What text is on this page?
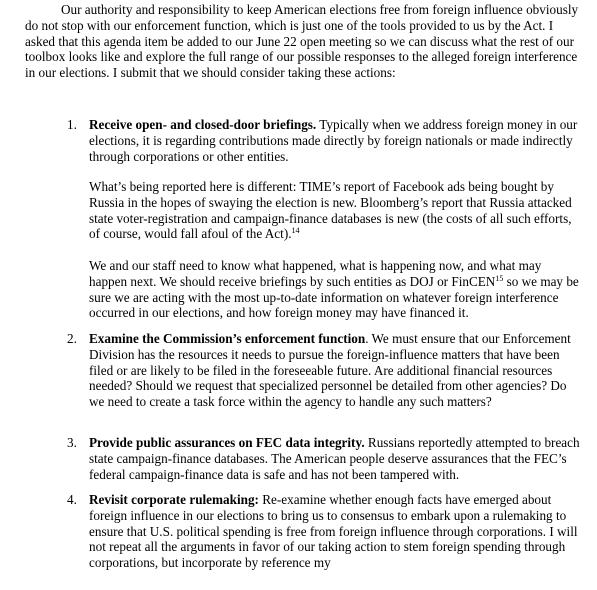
Our authority and responsibility to keep American elections free from foreign influence obviously do not stop with our enforcement function, which is just one of the tools provided to us by the Act. I asked that this agenda item be added to our June 22 open meeting so we can discuss what the rest of our toolbox looks like and explore the full range of our possible responses to the alleged foreign interference in our elections. I submit that we should consider taking these actions:

1. Receive open- and closed-door briefings. Typically when we address foreign money in our elections, it is regarding contributions made directly by foreign nationals or made indirectly through corporations or other entities.

What’s being reported here is different: TIME’s report of Facebook ads being bought by Russia in the hopes of swaying the election is new. Bloomberg’s report that Russia attacked state voter-registration and campaign-finance databases is new (the costs of all such efforts, of course, would fall afoul of the Act).$^{14}$

We and our staff need to know what happened, what is happening now, and what may happen next. We should receive briefings by such entities as DOJ or FinCEN$^{15}$ so we may be sure we are acting with the most up-to-date information on whatever foreign interference occurred in our elections, and how foreign money may have financed it.

2. Examine the Commission’s enforcement function. We must ensure that our Enforcement Division has the resources it needs to pursue the foreign-influence matters that have been filed or are likely to be filed in the foreseeable future. Are additional financial resources needed? Should we request that specialized personnel be detailed from other agencies? Do we need to create a task force within the agency to handle any such matters?

3. Provide public assurances on FEC data integrity. Russians reportedly attempted to breach state campaign-finance databases. The American people deserve assurances that the FEC’s federal campaign-finance data is safe and has not been tampered with.

4. Revisit corporate rulemaking: Re-examine whether enough facts have emerged about foreign influence in our elections to bring us to consensus to embark upon a rulemaking to ensure that U.S. political spending is free from foreign influence through corporations. I will not repeat all the arguments in favor of our taking action to stem foreign spending through corporations, but incorporate by reference my
